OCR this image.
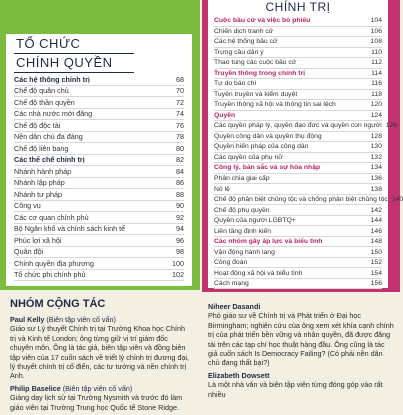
TỔ CHỨC
CHÍNH QUYỀN
Các hệ thống chính trị	68
Chế độ quân chủ	70
Chế độ thần quyền	72
Các nhà nước mới đăng	74
Chế độ độc tài	76
Nền dân chủ đa đảng	78
Chế độ liên bang	80
Các thể chế chính trị	82
Nhánh hành pháp	84
Nhánh lập pháp	86
Nhánh tư pháp	88
Công vụ	90
Các cơ quan chính phủ	92
Bộ Ngân khố và chính sách kinh tế	94
Phúc lợi xã hội	96
Quân đội	98
Chính quyền địa phương	100
Tổ chức phi chính phủ	102
CHÍNH TRỊ
Cuộc bầu cử và việc bỏ phiếu	104
Chiến dịch tranh cử	106
Các hệ thống bầu cử	108
Trưng cầu dân ý	110
Thao túng các cuộc bầu cử	112
Truyền thông trong chính trị	114
Tự do báo chí	116
Tuyên truyền và kiểm duyệt	118
Truyền thông xã hội và thông tin sai lệch	120
Quyền	124
Các quyền pháp lý, quyền đạo đức và quyền con người 126
Quyền công dân và quyền thụ động	128
Quyền hiến pháp của công dân	130
Các quyền của phụ nữ	132
Công lý, bản sắc và sự hòa nhập	134
Phân chia giai cấp	136
Nô lệ	138
Chế độ phân biệt chủng tộc và chống phân biệt chủng tộc 140
Chế độ phụ quyền	142
Quyền của người LGBTQ+	144
Liên tầng định kiến	146
Các nhóm gây áp lực và biểu tình	148
Vận động hành lang	150
Công đoàn	152
Hoạt động xã hội và biểu tình	154
Cách mạng	156
NHÓM CỘNG TÁC

Paul Kelly (Biên tập viên cố vấn)
Giáo sư Lý thuyết Chính trị tại Trường Khoa học Chính trị và Kinh tế London; ông từng giữ vị trí giám đốc chuyên môn. Ông là tác giả, biên tập viên và đồng biên tập viên của 17 cuốn sách về triết lý chính trị đương đại, lý thuyết chính trị cổ điển, các tư tưởng và nền chính trị Anh.

Philip Baselice (Biên tập viên cố vấn)
Giảng dạy lịch sử tại Trường Nysmith và trước đó làm giáo viên tại Trường Trung học Quốc tế Stone Ridge.

Niheer Dasandi
Phó giáo sư về Chính trị và Phát triển ở Đại học Birmingham; nghiên cứu của ông xem xét khía cạnh chính trị của phát triển bền vững và nhân quyền, đã được đăng tải trên các tạp chí học thuật hàng đầu. Ông cũng là tác giả cuốn sách Is Democracy Failing? (Có phải nền dân chủ đang thất bại?)

Elizabeth Dowsett
Là một nhà văn và biên tập viên từng đóng góp vào rất nhiều
